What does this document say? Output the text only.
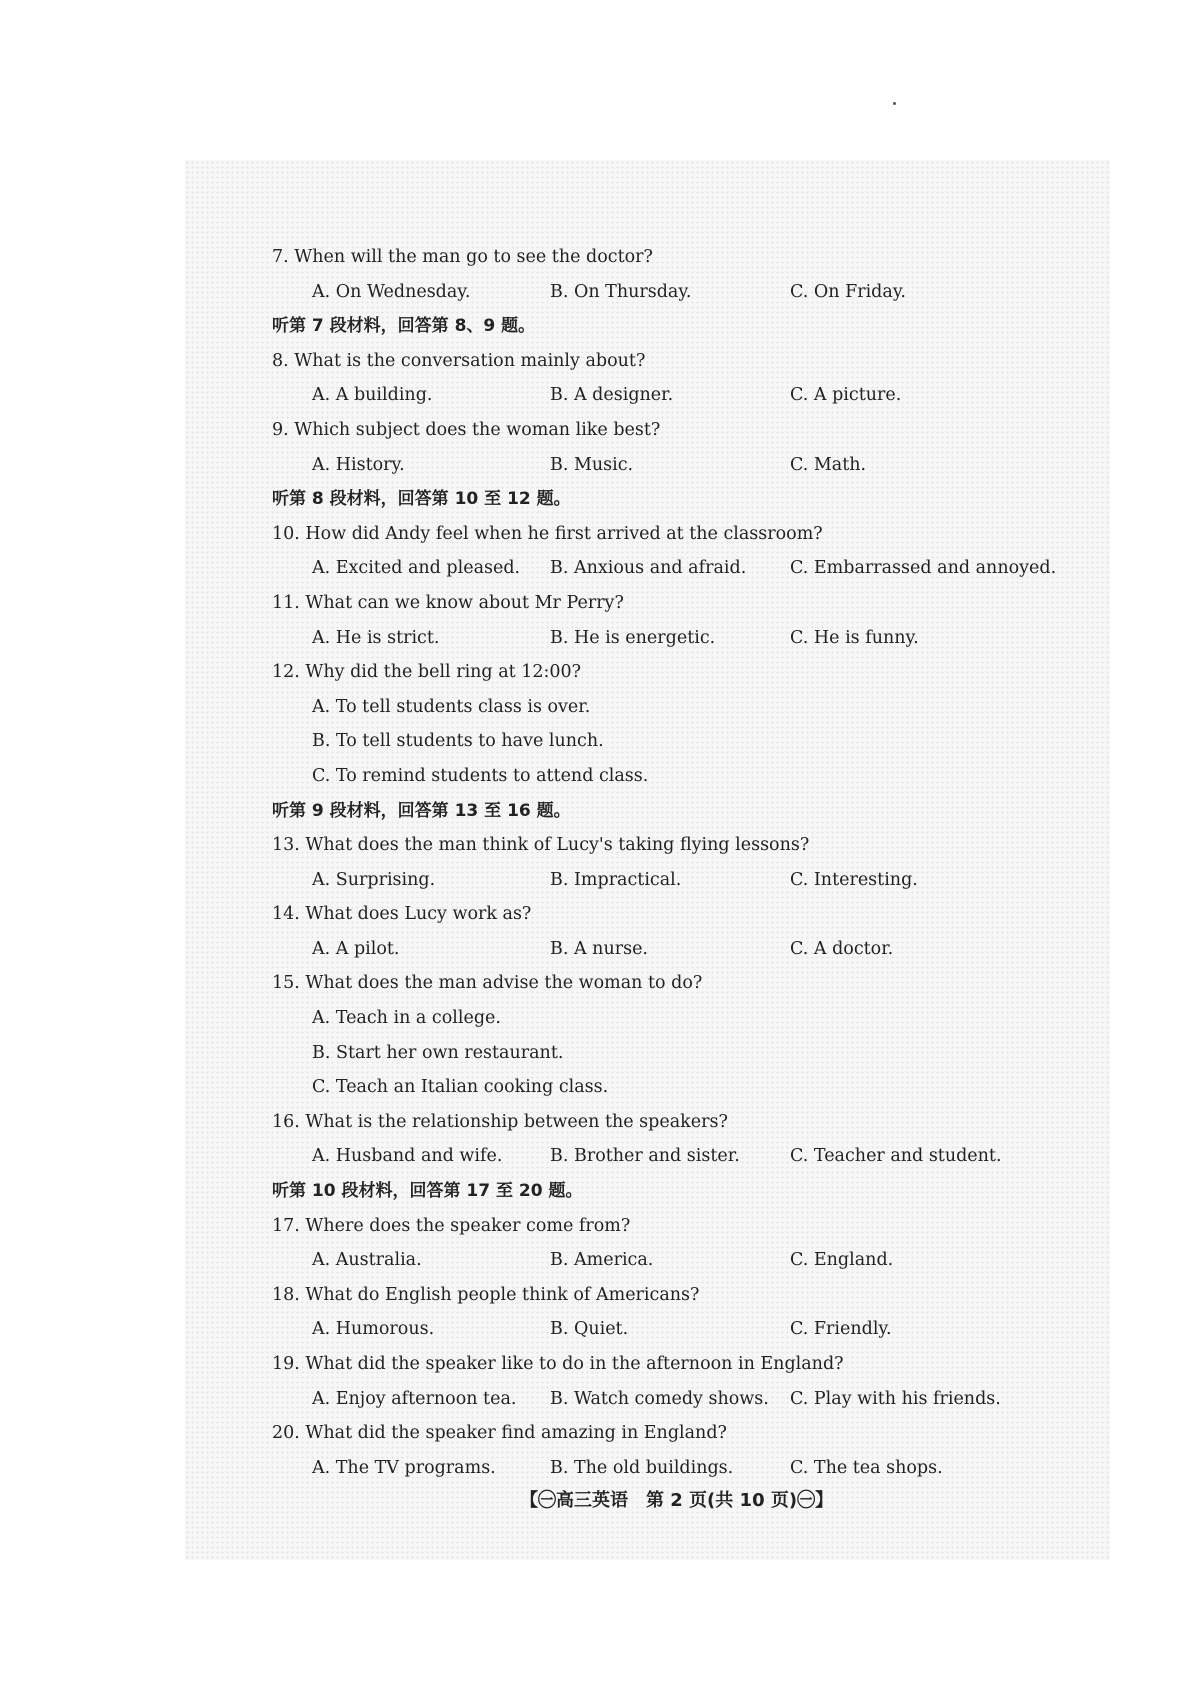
7. When will the man go to see the doctor?
A. On Wednesday.	B. On Thursday.	C. On Friday.
听第 7 段材料，回答第 8、9 题。
8. What is the conversation mainly about?
A. A building.	B. A designer.	C. A picture.
9. Which subject does the woman like best?
A. History.	B. Music.	C. Math.
听第 8 段材料，回答第 10 至 12 题。
10. How did Andy feel when he first arrived at the classroom?
A. Excited and pleased. B. Anxious and afraid. C. Embarrassed and annoyed.
11. What can we know about Mr Perry?
A. He is strict.	B. He is energetic.	C. He is funny.
12. Why did the bell ring at 12:00?
A. To tell students class is over.
B. To tell students to have lunch.
C. To remind students to attend class.
听第 9 段材料，回答第 13 至 16 题。
13. What does the man think of Lucy's taking flying lessons?
A. Surprising.	B. Impractical.	C. Interesting.
14. What does Lucy work as?
A. A pilot.	B. A nurse.	C. A doctor.
15. What does the man advise the woman to do?
A. Teach in a college.
B. Start her own restaurant.
C. Teach an Italian cooking class.
16. What is the relationship between the speakers?
A. Husband and wife.	B. Brother and sister.	C. Teacher and student.
听第 10 段材料，回答第 17 至 20 题。
17. Where does the speaker come from?
A. Australia.	B. America.	C. England.
18. What do English people think of Americans?
A. Humorous.	B. Quiet.	C. Friendly.
19. What did the speaker like to do in the afternoon in England?
A. Enjoy afternoon tea. B. Watch comedy shows. C. Play with his friends.
20. What did the speaker find amazing in England?
A. The TV programs.	B. The old buildings.	C. The tea shops.
【㊀高三英语　第 2 页(共 10 页)㊀】
